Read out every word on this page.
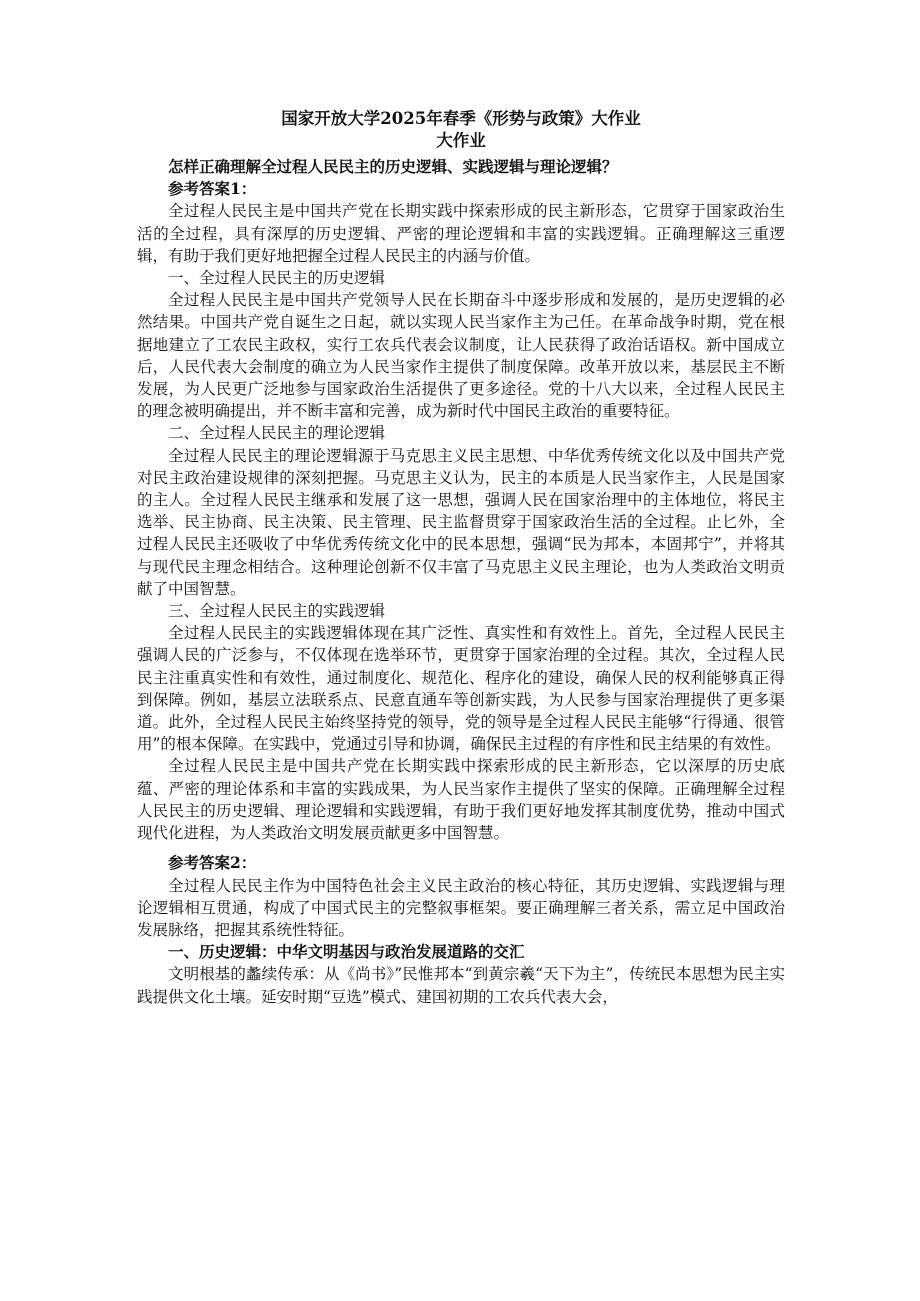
国家开放大学2025年春季《形势与政策》大作业

大作业

怎样正确理解全过程人民民主的历史逻辑、实践逻辑与理论逻辑？

参考答案1：

全过程人民民主是中国共产党在长期实践中探索形成的民主新形态，它贯穿于国家政治生活的全过程，具有深厚的历史逻辑、严密的理论逻辑和丰富的实践逻辑。正确理解这三重逻辑，有助于我们更好地把握全过程人民民主的内涵与价值。

一、全过程人民民主的历史逻辑

全过程人民民主是中国共产党领导人民在长期奋斗中逐步形成和发展的，是历史逻辑的必然结果。中国共产党自诞生之日起，就以实现人民当家作主为己任。在革命战争时期，党在根据地建立了工农民主政权，实行工农兵代表会议制度，让人民获得了政治话语权。新中国成立后，人民代表大会制度的确立为人民当家作主提供了制度保障。改革开放以来，基层民主不断发展，为人民更广泛地参与国家政治生活提供了更多途径。党的十八大以来，全过程人民民主的理念被明确提出，并不断丰富和完善，成为新时代中国民主政治的重要特征。

二、全过程人民民主的理论逻辑

全过程人民民主的理论逻辑源于马克思主义民主思想、中华优秀传统文化以及中国共产党对民主政治建设规律的深刻把握。马克思主义认为，民主的本质是人民当家作主，人民是国家的主人。全过程人民民主继承和发展了这一思想，强调人民在国家治理中的主体地位，将民主选举、民主协商、民主决策、民主管理、民主监督贯穿于国家政治生活的全过程。止匕外，全过程人民民主还吸收了中华优秀传统文化中的民本思想，强调“民为邦本，本固邦宁”，并将其与现代民主理念相结合。这种理论创新不仅丰富了马克思主义民主理论，也为人类政治文明贡献了中国智慧。

三、全过程人民民主的实践逻辑

全过程人民民主的实践逻辑体现在其广泛性、真实性和有效性上。首先，全过程人民民主强调人民的广泛参与，不仅体现在选举环节，更贯穿于国家治理的全过程。其次，全过程人民民主注重真实性和有效性，通过制度化、规范化、程序化的建设，确保人民的权利能够真正得到保障。例如，基层立法联系点、民意直通车等创新实践，为人民参与国家治理提供了更多渠道。此外，全过程人民民主始终坚持党的领导，党的领导是全过程人民民主能够“行得通、很管用”的根本保障。在实践中，党通过引导和协调，确保民主过程的有序性和民主结果的有效性。

全过程人民民主是中国共产党在长期实践中探索形成的民主新形态，它以深厚的历史底蕴、严密的理论体系和丰富的实践成果，为人民当家作主提供了坚实的保障。正确理解全过程人民民主的历史逻辑、理论逻辑和实践逻辑，有助于我们更好地发挥其制度优势，推动中国式现代化进程，为人类政治文明发展贡献更多中国智慧。

参考答案2：

全过程人民民主作为中国特色社会主义民主政治的核心特征，其历史逻辑、实践逻辑与理论逻辑相互贯通，构成了中国式民主的完整叙事框架。要正确理解三者关系，需立足中国政治发展脉络，把握其系统性特征。

一、历史逻辑：中华文明基因与政治发展道路的交汇

文明根基的蠡续传承：从《尚书》”民惟邦本“到黄宗羲“天下为主”，传统民本思想为民主实践提供文化土壤。延安时期“豆选”模式、建国初期的工农兵代表大会，
